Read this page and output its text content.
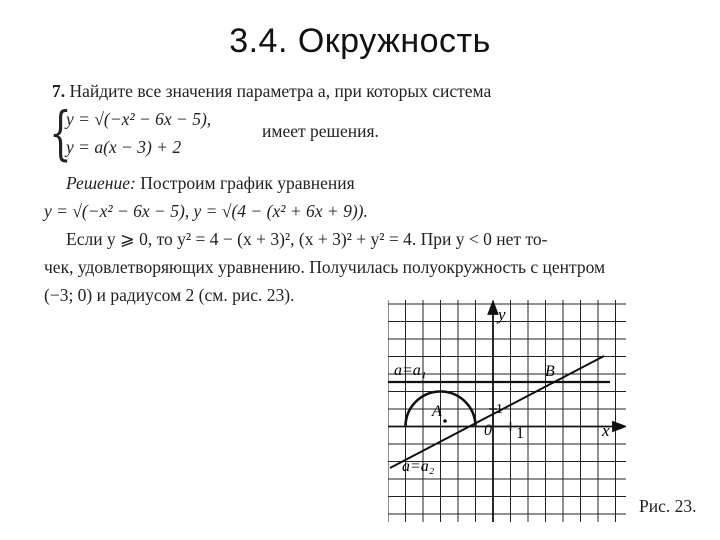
3.4. Окружность
7. Найдите все значения параметра a, при которых система
{
y = √(−x² − 6x − 5),
y = a(x − 3) + 2
имеет решения.
Решение: Построим график уравнения
y = √(−x² − 6x − 5), y = √(4 − (x² + 6x + 9)).
Если y ⩾ 0, то y² = 4 − (x + 3)², (x + 3)² + y² = 4. При y < 0 нет то-
чек, удовлетворяющих уравнению. Получилась полуокружность с центром
(−3; 0) и радиусом 2 (см. рис. 23).
y
x
0 1
1
a=a₁
a=a₂
A
B
Рис. 23.
